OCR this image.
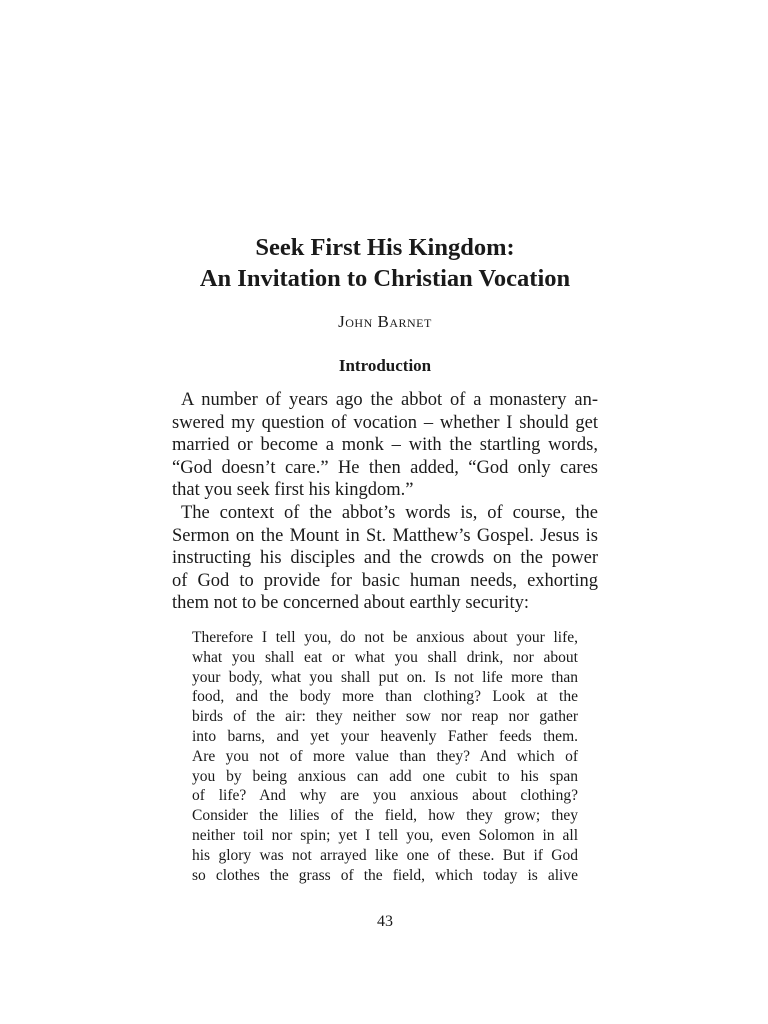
Seek First His Kingdom:
An Invitation to Christian Vocation

John Barnet

Introduction
A number of years ago the abbot of a monastery an-
swered my question of vocation – whether I should get
married or become a monk – with the startling words,
“God doesn’t care.” He then added, “God only cares
that you seek first his kingdom.”
The context of the abbot’s words is, of course, the
Sermon on the Mount in St. Matthew’s Gospel. Jesus is
instructing his disciples and the crowds on the power
of God to provide for basic human needs, exhorting
them not to be concerned about earthly security:
Therefore I tell you, do not be anxious about your life,
what you shall eat or what you shall drink, nor about
your body, what you shall put on. Is not life more than
food, and the body more than clothing? Look at the
birds of the air: they neither sow nor reap nor gather
into barns, and yet your heavenly Father feeds them.
Are you not of more value than they? And which of
you by being anxious can add one cubit to his span
of life? And why are you anxious about clothing?
Consider the lilies of the field, how they grow; they
neither toil nor spin; yet I tell you, even Solomon in all
his glory was not arrayed like one of these. But if God
so clothes the grass of the field, which today is alive

43
